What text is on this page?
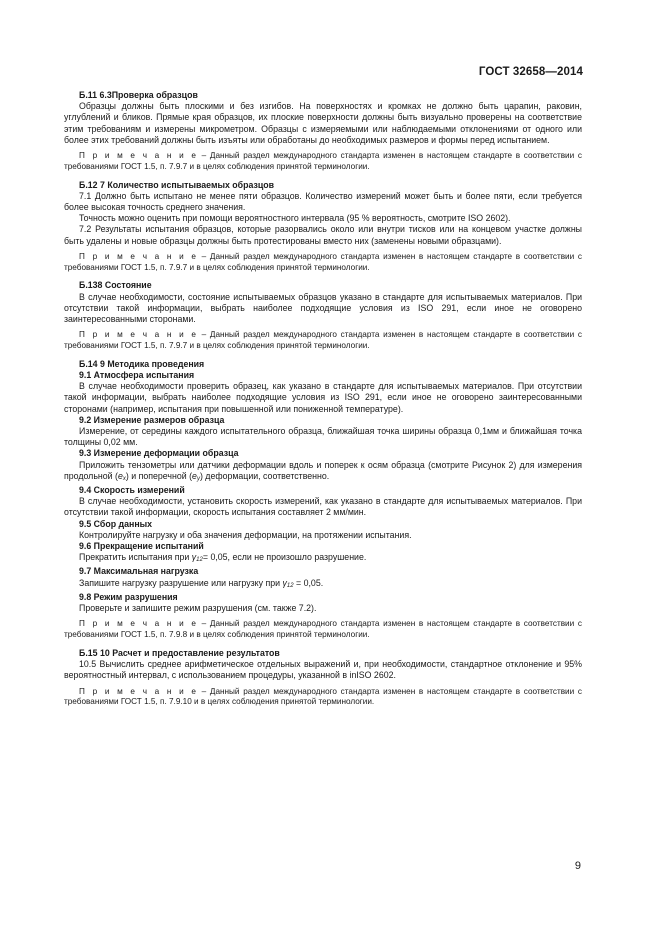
ГОСТ 32658—2014

Б.11 6.3Проверка образцов

Образцы должны быть плоскими и без изгибов. На поверхностях и кромках не должно быть царапин, раковин, углублений и бликов. Прямые края образцов, их плоские поверхности должны быть визуально проверены на соответствие этим требованиям и измерены микрометром. Образцы с измеряемыми или наблюдаемыми отклонениями от одного или более этих требований должны быть изъяты или обработаны до необходимых размеров и формы перед испытанием.

П р и м е ч а н и е – Данный раздел международного стандарта изменен в настоящем стандарте в соответствии с требованиями ГОСТ 1.5, п. 7.9.7 и в целях соблюдения принятой терминологии.

Б.12 7 Количество испытываемых образцов

7.1 Должно быть испытано не менее пяти образцов. Количество измерений может быть и более пяти, если требуется более высокая точность среднего значения.

Точность можно оценить при помощи вероятностного интервала (95 % вероятность, смотрите ISO 2602).

7.2 Результаты испытания образцов, которые разорвались около или внутри тисков или на концевом участке должны быть удалены и новые образцы должны быть протестированы вместо них (заменены новыми образцами).

П р и м е ч а н и е – Данный раздел международного стандарта изменен в настоящем стандарте в соответствии с требованиями ГОСТ 1.5, п. 7.9.7 и в целях соблюдения принятой терминологии.

Б.138 Состояние

В случае необходимости, состояние испытываемых образцов указано в стандарте для испытываемых материалов. При отсутствии такой информации, выбрать наиболее подходящие условия из ISO 291, если иное не оговорено заинтересованными сторонами.

П р и м е ч а н и е – Данный раздел международного стандарта изменен в настоящем стандарте в соответствии с требованиями ГОСТ 1.5, п. 7.9.7 и в целях соблюдения принятой терминологии.

Б.14 9 Методика проведения

9.1 Атмосфера испытания

В случае необходимости проверить образец, как указано в стандарте для испытываемых материалов. При отсутствии такой информации, выбрать наиболее подходящие условия из ISO 291, если иное не оговорено заинтересованными сторонами (например, испытания при повышенной или пониженной температуре).

9.2 Измерение размеров образца

Измерение, от середины каждого испытательного образца, ближайшая точка ширины образца 0,1мм и ближайшая точка толщины 0,02 мм.

9.3 Измерение деформации образца

Приложить тензометры или датчики деформации вдоль и поперек к осям образца (смотрите Рисунок 2) для измерения продольной $(e_x)$ и поперечной $(e_y)$ деформации, соответственно.

9.4 Скорость измерений

В случае необходимости, установить скорость измерений, как указано в стандарте для испытываемых материалов. При отсутствии такой информации, скорость испытания составляет 2 мм/мин.

9.5 Сбор данных

Контролируйте нагрузку и оба значения деформации, на протяжении испытания.

9.6 Прекращение испытаний

Прекратить испытания при $\gamma_{12}= 0,05$, если не произошло разрушение.

9.7 Максимальная нагрузка

Запишите нагрузку разрушение или нагрузку при $\gamma_{12} = 0,05$.

9.8 Режим разрушения

Проверьте и запишите режим разрушения (см. также 7.2).

П р и м е ч а н и е – Данный раздел международного стандарта изменен в настоящем стандарте в соответствии с требованиями ГОСТ 1.5, п. 7.9.8 и в целях соблюдения принятой терминологии.

Б.15 10 Расчет и предоставление результатов

10.5 Вычислить среднее арифметическое отдельных выражений и, при необходимости, стандартное отклонение и 95% вероятностный интервал, с использованием процедуры, указанной в inISO 2602.

П р и м е ч а н и е – Данный раздел международного стандарта изменен в настоящем стандарте в соответствии с требованиями ГОСТ 1.5, п. 7.9.10 и в целях соблюдения принятой терминологии.

9
